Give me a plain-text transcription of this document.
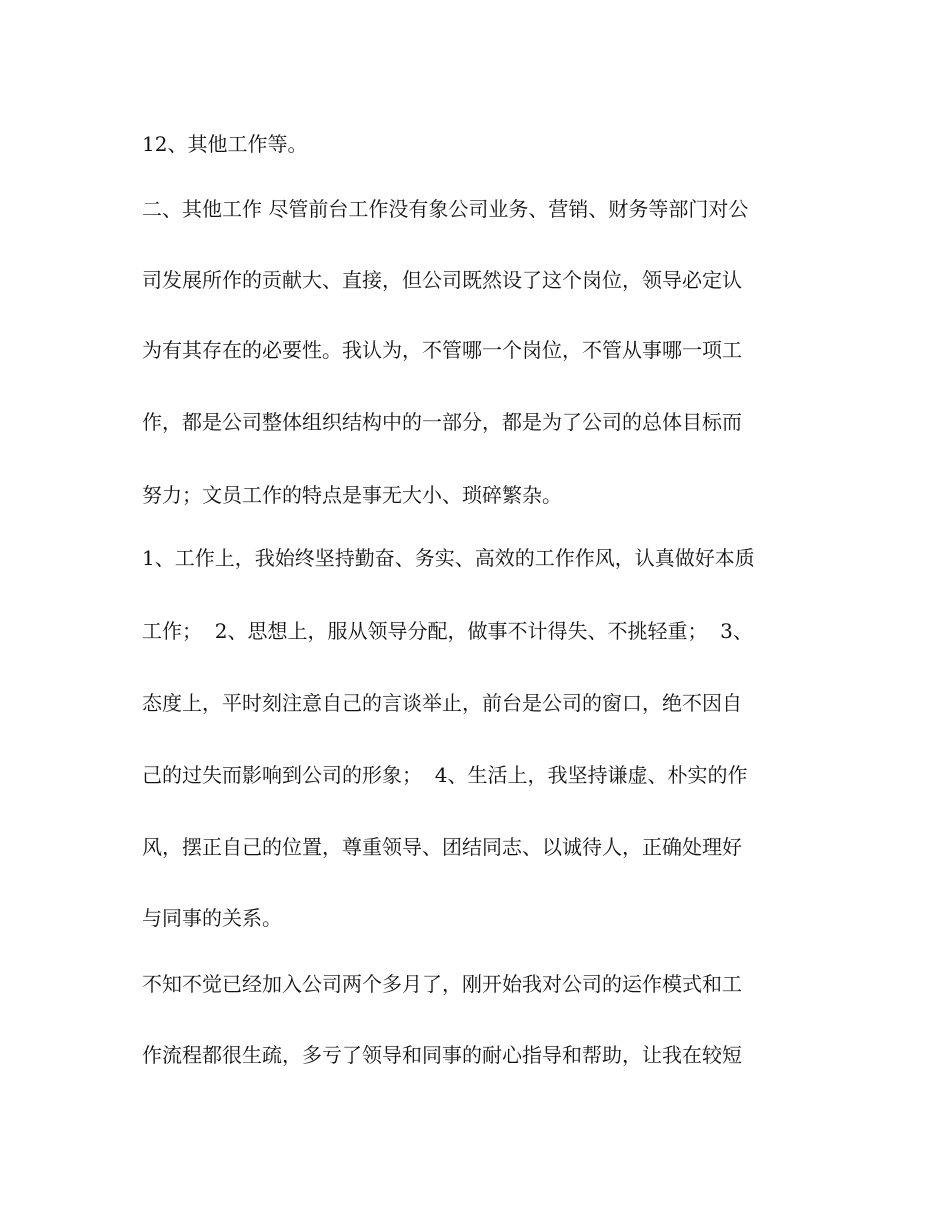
12、其他工作等。
二、其他工作 尽管前台工作没有象公司业务、营销、财务等部门对公
司发展所作的贡献大、直接，但公司既然设了这个岗位，领导必定认
为有其存在的必要性。我认为，不管哪一个岗位，不管从事哪一项工
作，都是公司整体组织结构中的一部分，都是为了公司的总体目标而
努力；文员工作的特点是事无大小、琐碎繁杂。
1、工作上，我始终坚持勤奋、务实、高效的工作作风，认真做好本质
工作；  2、思想上，服从领导分配，做事不计得失、不挑轻重；  3、
态度上，平时刻注意自己的言谈举止，前台是公司的窗口，绝不因自
己的过失而影响到公司的形象；  4、生活上，我坚持谦虚、朴实的作
风，摆正自己的位置，尊重领导、团结同志、以诚待人，正确处理好
与同事的关系。
不知不觉已经加入公司两个多月了，刚开始我对公司的运作模式和工
作流程都很生疏，多亏了领导和同事的耐心指导和帮助，让我在较短
